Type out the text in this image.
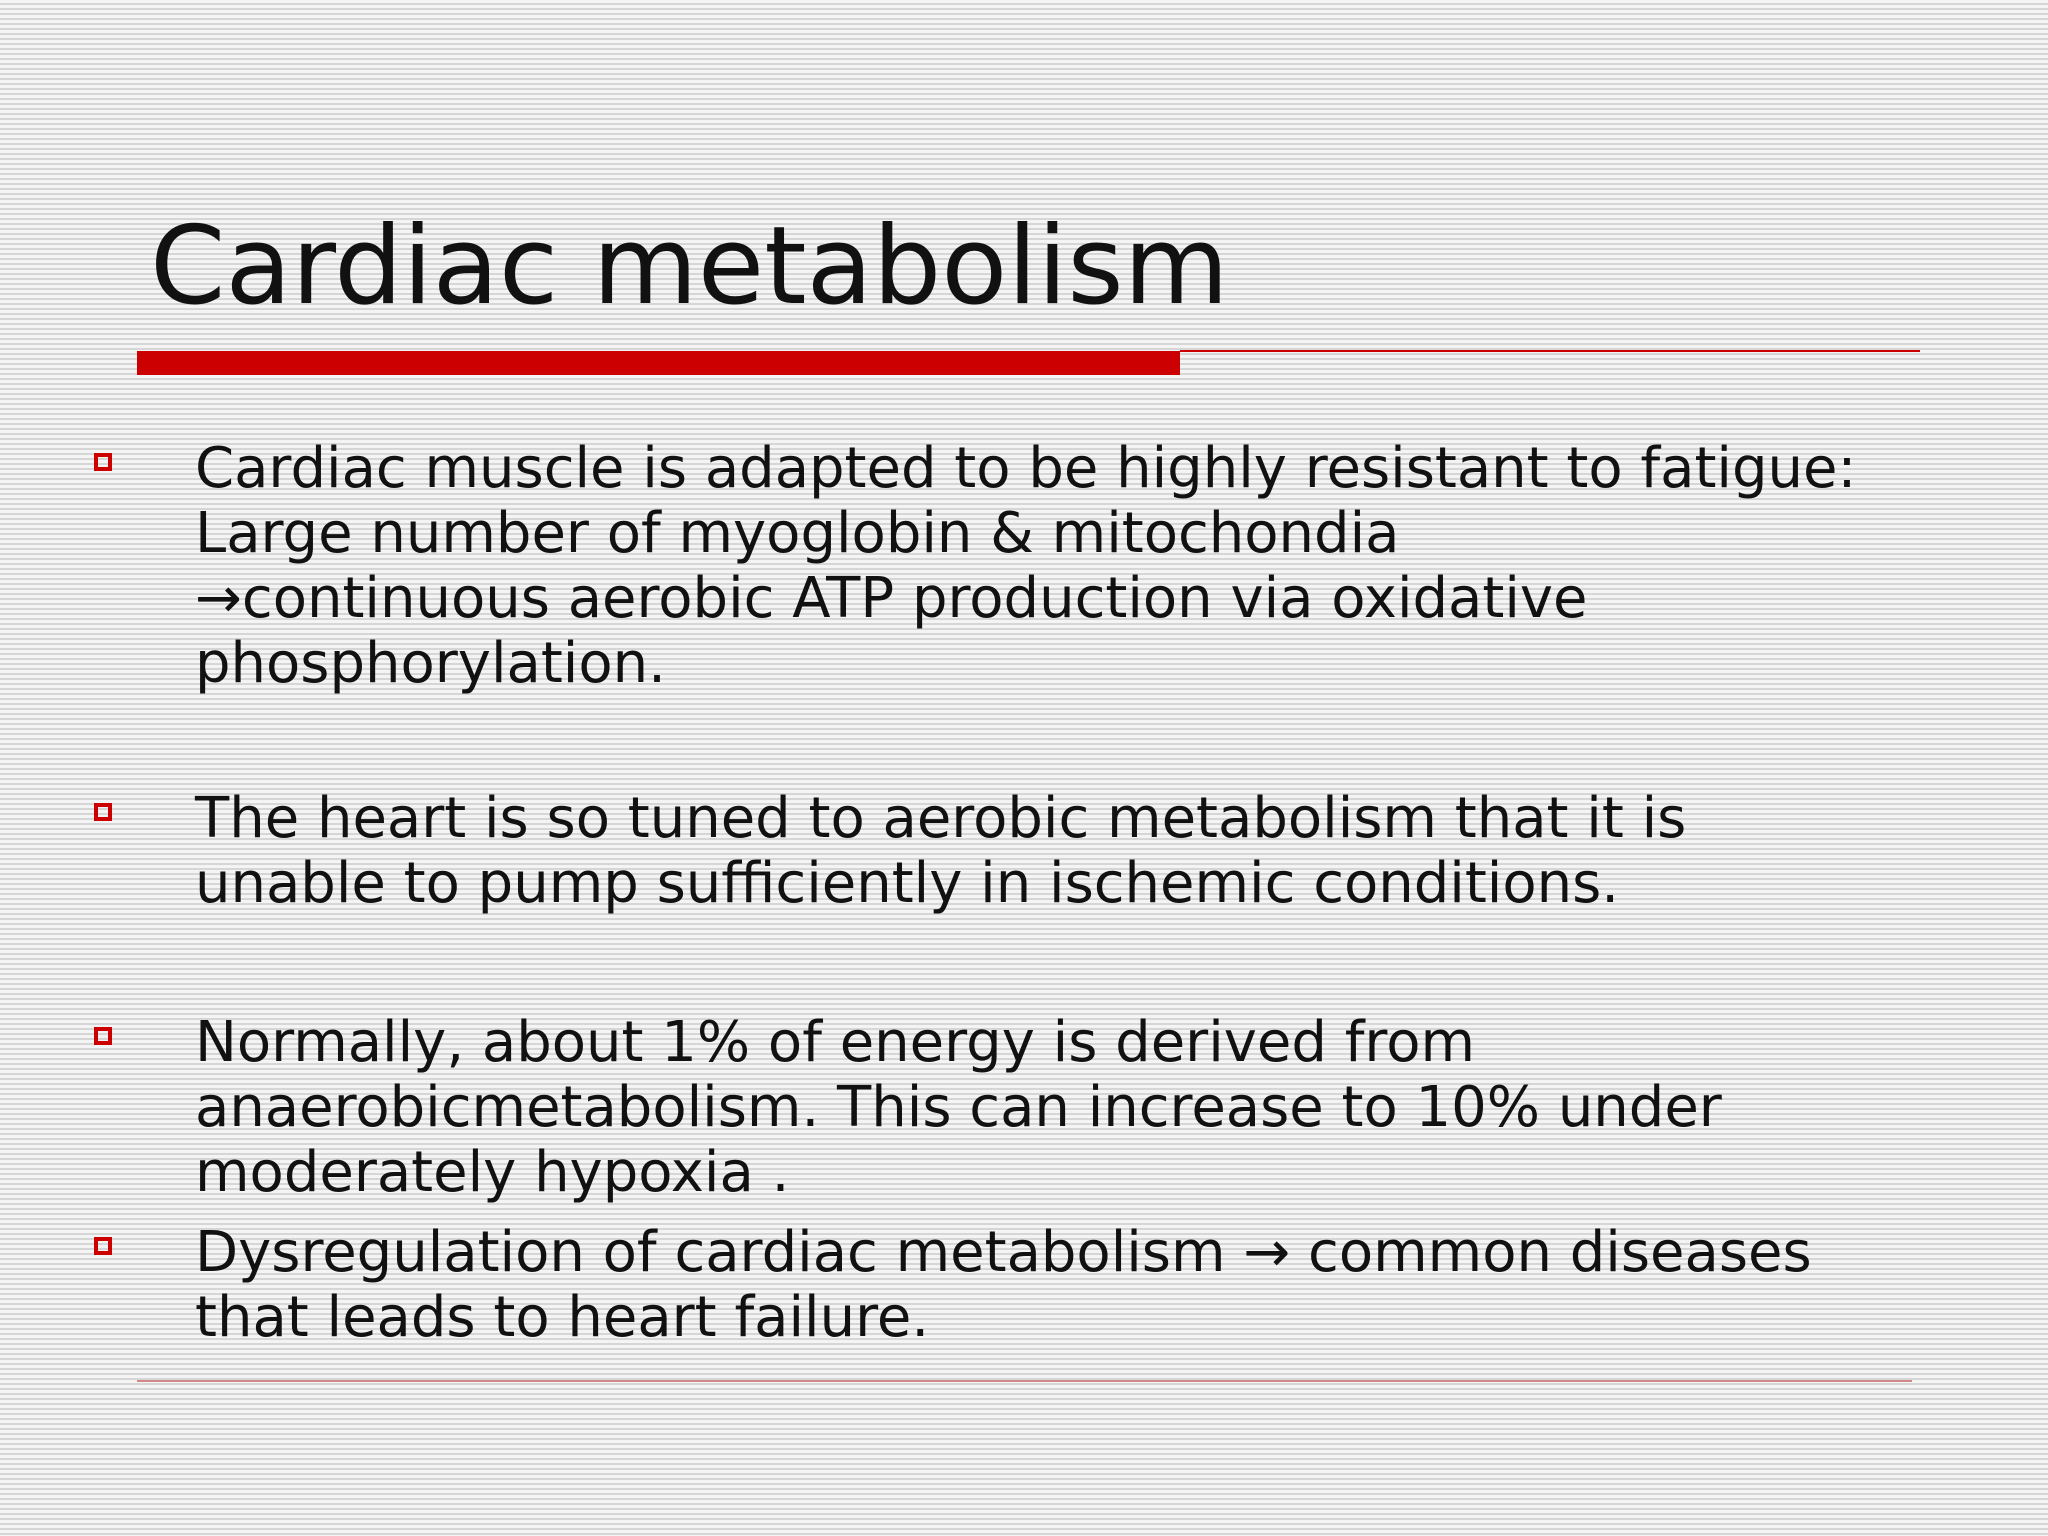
Cardiac metabolism

Cardiac muscle is adapted to be highly resistant to fatigue:
Large number of myoglobin & mitochondia
→continuous aerobic ATP production via oxidative
phosphorylation.

The heart is so tuned to aerobic metabolism that it is
unable to pump sufficiently in ischemic conditions.

Normally, about 1% of energy is derived from
anaerobicmetabolism. This can increase to 10% under
moderately hypoxia .

Dysregulation of cardiac metabolism → common diseases
that leads to heart failure.
